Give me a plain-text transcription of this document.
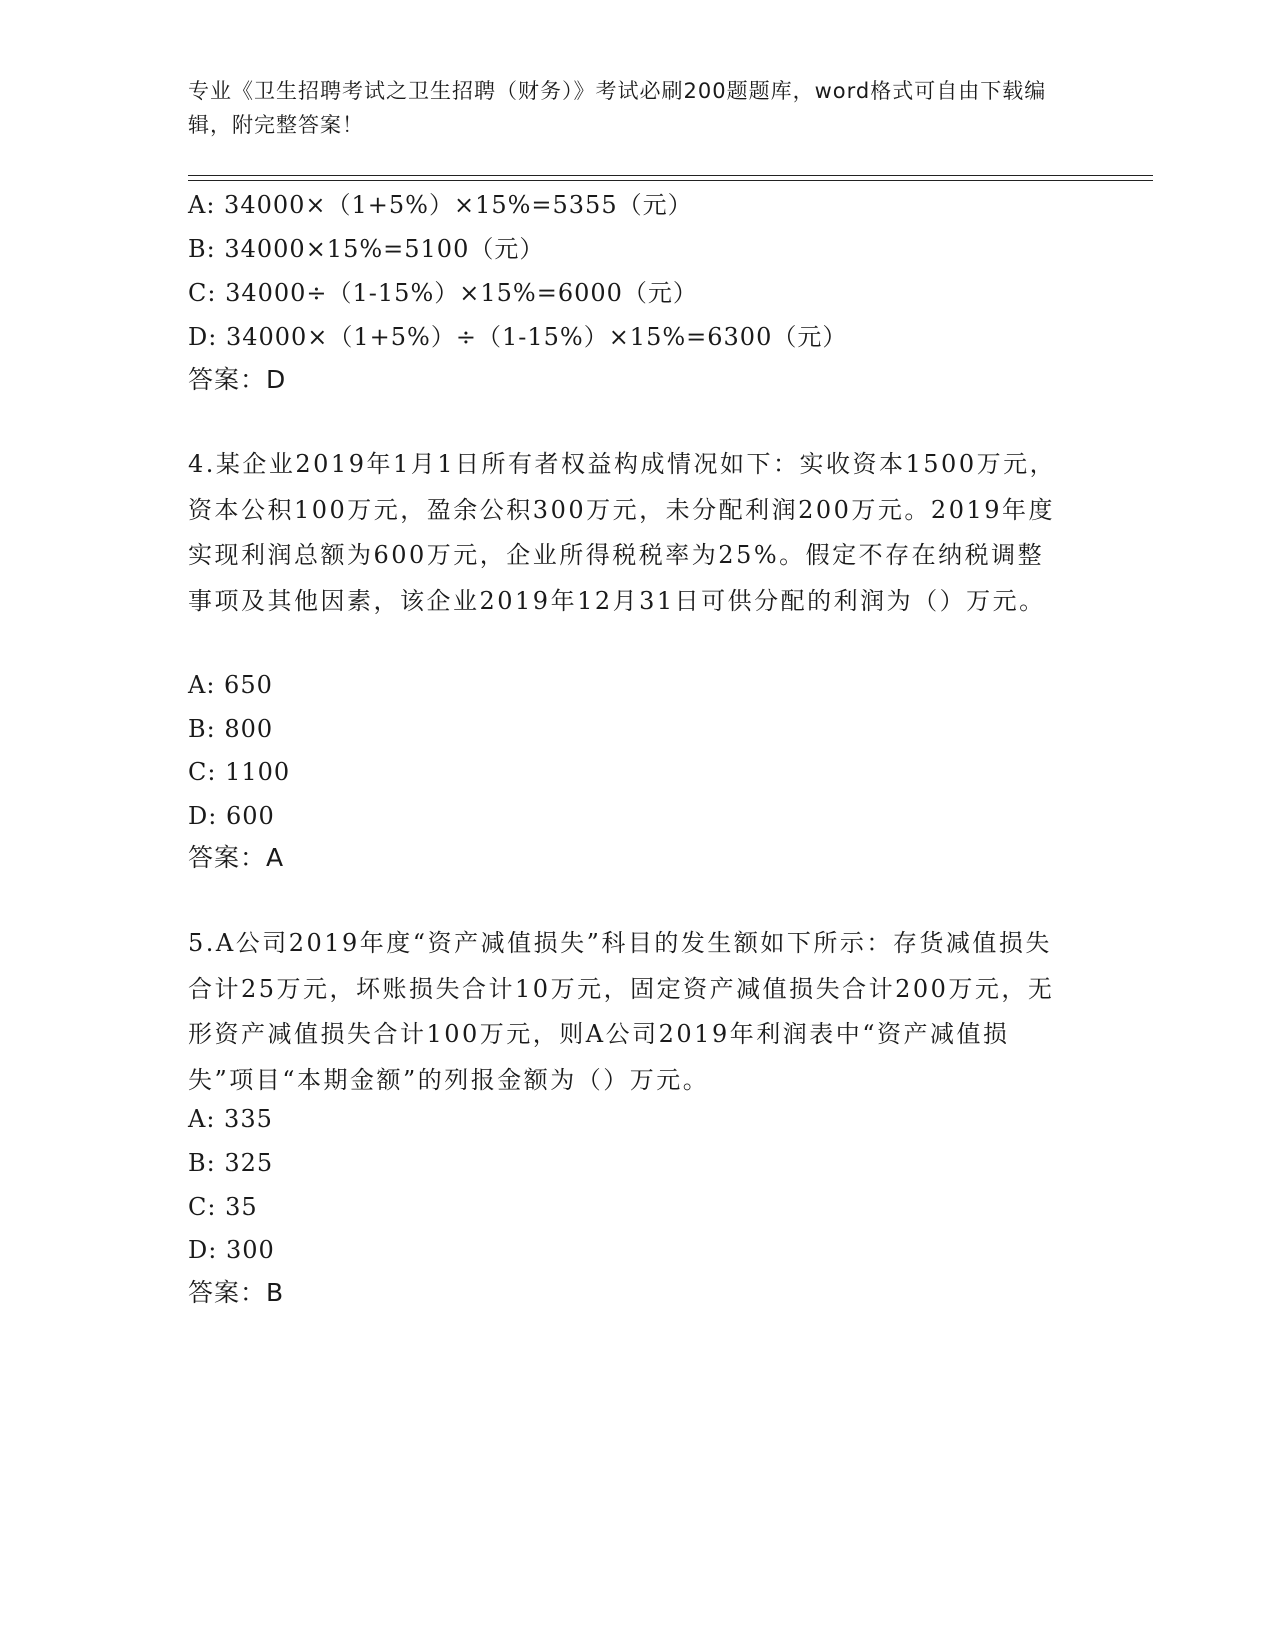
专业《卫生招聘考试之卫生招聘（财务）》考试必刷200题题库，word格式可自由下载编辑，附完整答案！
A: 34000×（1+5%）×15%=5355（元）
B: 34000×15%=5100（元）
C: 34000÷（1-15%）×15%=6000（元）
D: 34000×（1+5%）÷（1-15%）×15%=6300（元）
答案：D
4.某企业2019年1月1日所有者权益构成情况如下：实收资本1500万元，资本公积100万元，盈余公积300万元，未分配利润200万元。2019年度实现利润总额为600万元，企业所得税税率为25%。假定不存在纳税调整事项及其他因素，该企业2019年12月31日可供分配的利润为（）万元。
A: 650
B: 800
C: 1100
D: 600
答案：A
5.A公司2019年度“资产减值损失”科目的发生额如下所示：存货减值损失合计25万元，坏账损失合计10万元，固定资产减值损失合计200万元，无形资产减值损失合计100万元，则A公司2019年利润表中“资产减值损失”项目“本期金额”的列报金额为（）万元。
A: 335
B: 325
C: 35
D: 300
答案：B
